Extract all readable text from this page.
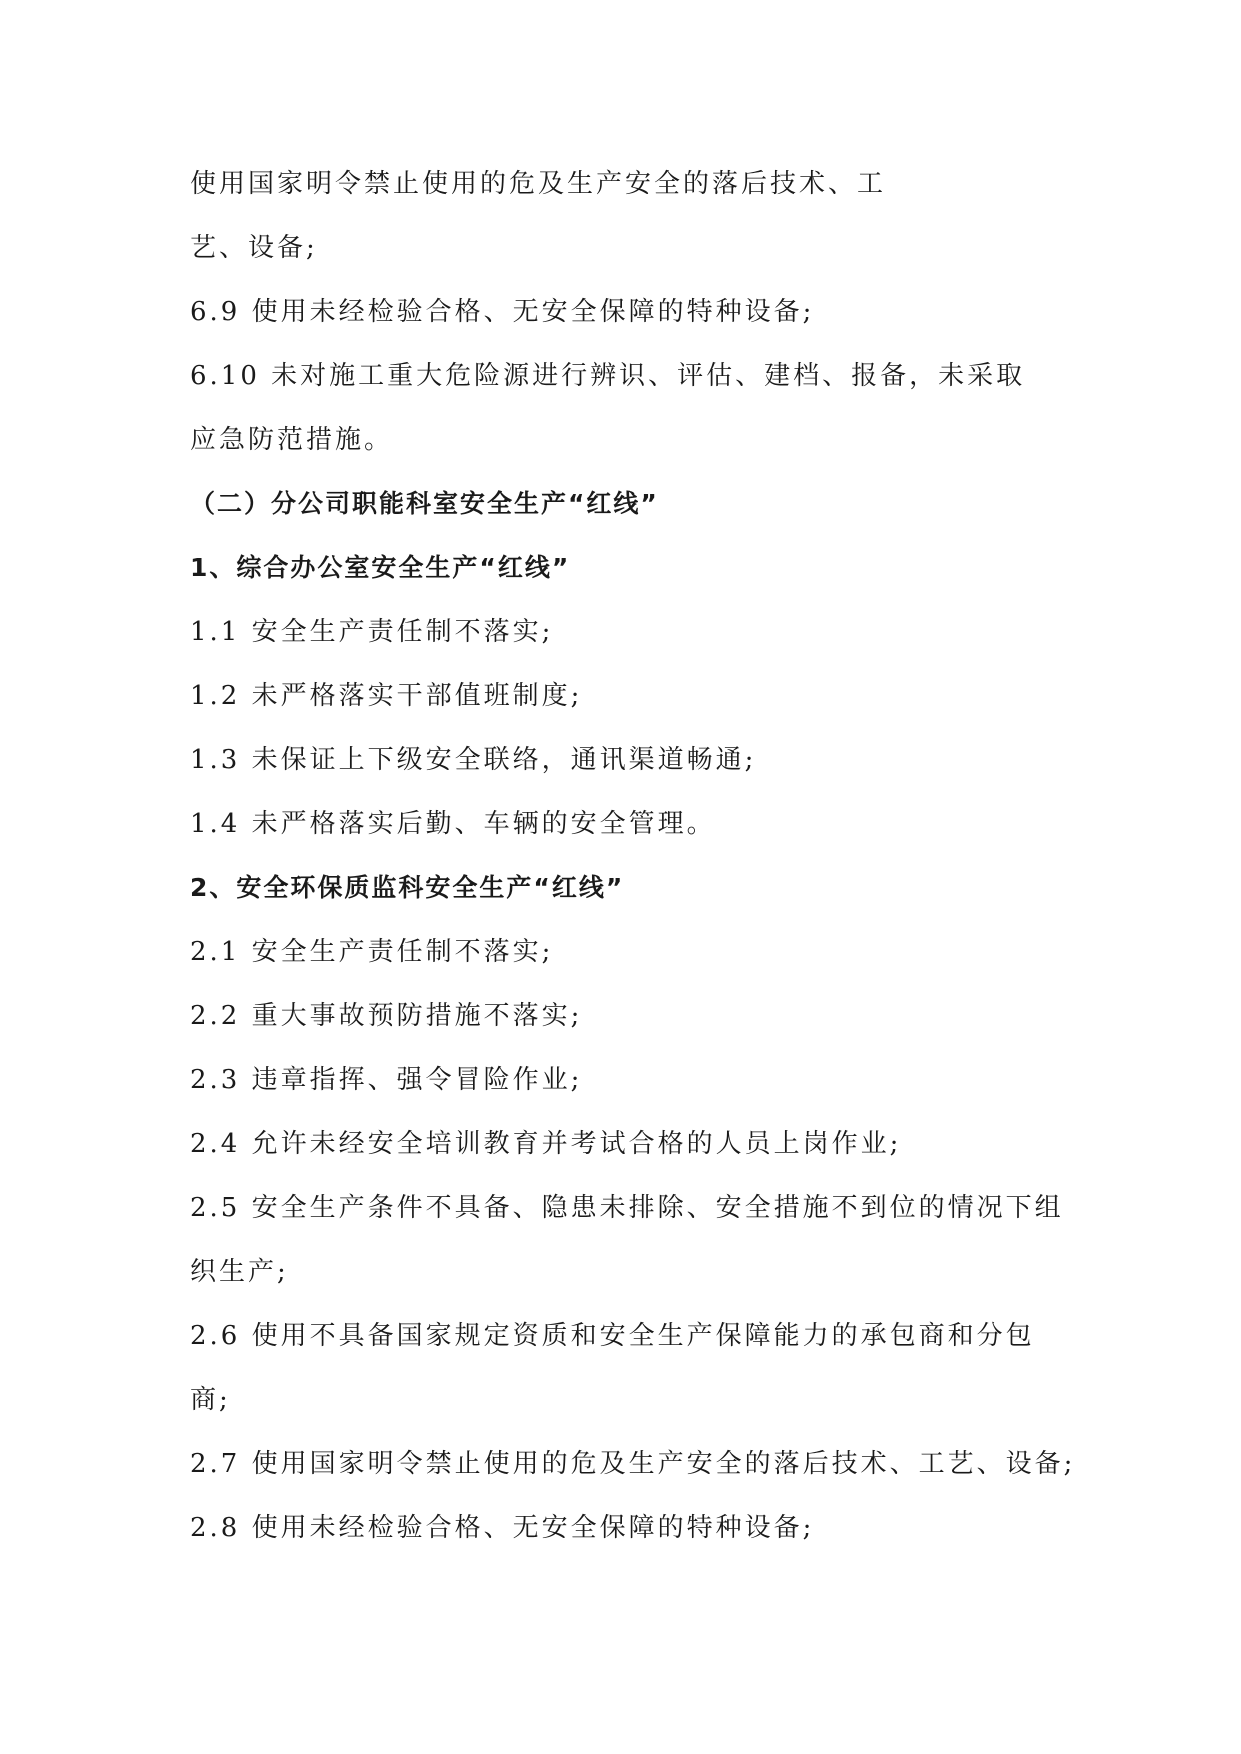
使用国家明令禁止使用的危及生产安全的落后技术、工

艺、设备;

6.9 使用未经检验合格、无安全保障的特种设备;

6.10 未对施工重大危险源进行辨识、评估、建档、报备，未采取

应急防范措施。

（二）分公司职能科室安全生产“红线”

1、综合办公室安全生产“红线”

1.1 安全生产责任制不落实;

1.2 未严格落实干部值班制度;

1.3 未保证上下级安全联络，通讯渠道畅通;

1.4 未严格落实后勤、车辆的安全管理。

2、安全环保质监科安全生产“红线”

2.1 安全生产责任制不落实;

2.2 重大事故预防措施不落实;

2.3 违章指挥、强令冒险作业;

2.4 允许未经安全培训教育并考试合格的人员上岗作业;

2.5 安全生产条件不具备、隐患未排除、安全措施不到位的情况下组

织生产;

2.6 使用不具备国家规定资质和安全生产保障能力的承包商和分包

商;

2.7 使用国家明令禁止使用的危及生产安全的落后技术、工艺、设备;

2.8 使用未经检验合格、无安全保障的特种设备;
